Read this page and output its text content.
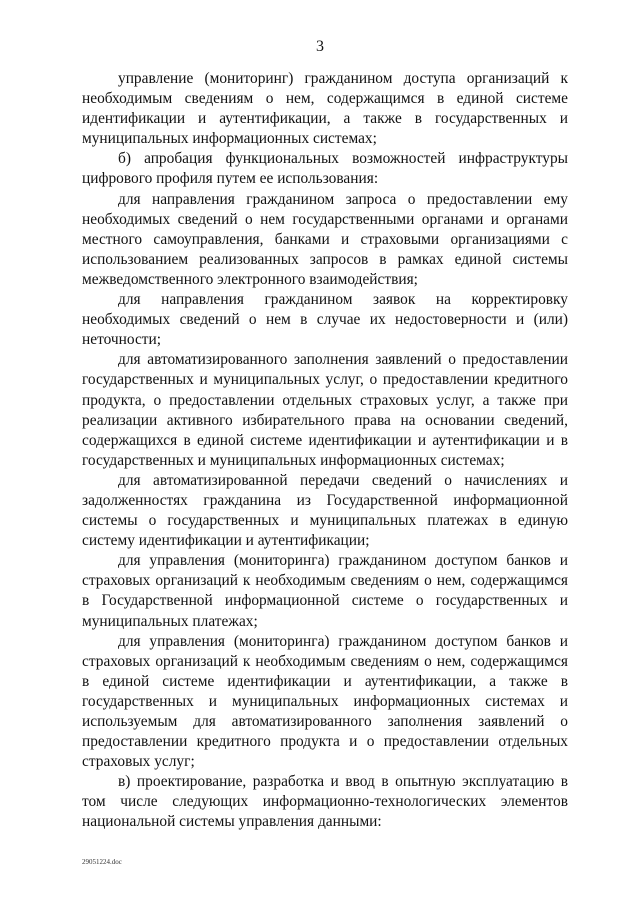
3

управление (мониторинг) гражданином доступа организаций к необходимым сведениям о нем, содержащимся в единой системе идентификации и аутентификации, а также в государственных и муниципальных информационных системах;

б) апробация функциональных возможностей инфраструктуры цифрового профиля путем ее использования:

для направления гражданином запроса о предоставлении ему необходимых сведений о нем государственными органами и органами местного самоуправления, банками и страховыми организациями с использованием реализованных запросов в рамках единой системы межведомственного электронного взаимодействия;

для направления гражданином заявок на корректировку необходимых сведений о нем в случае их недостоверности и (или) неточности;

для автоматизированного заполнения заявлений о предоставлении государственных и муниципальных услуг, о предоставлении кредитного продукта, о предоставлении отдельных страховых услуг, а также при реализации активного избирательного права на основании сведений, содержащихся в единой системе идентификации и аутентификации и в государственных и муниципальных информационных системах;

для автоматизированной передачи сведений о начислениях и задолженностях гражданина из Государственной информационной системы о государственных и муниципальных платежах в единую систему идентификации и аутентификации;

для управления (мониторинга) гражданином доступом банков и страховых организаций к необходимым сведениям о нем, содержащимся в Государственной информационной системе о государственных и муниципальных платежах;

для управления (мониторинга) гражданином доступом банков и страховых организаций к необходимым сведениям о нем, содержащимся в единой системе идентификации и аутентификации, а также в государственных и муниципальных информационных системах и используемым для автоматизированного заполнения заявлений о предоставлении кредитного продукта и о предоставлении отдельных страховых услуг;

в) проектирование, разработка и ввод в опытную эксплуатацию в том числе следующих информационно-технологических элементов национальной системы управления данными:

29051224.doc
